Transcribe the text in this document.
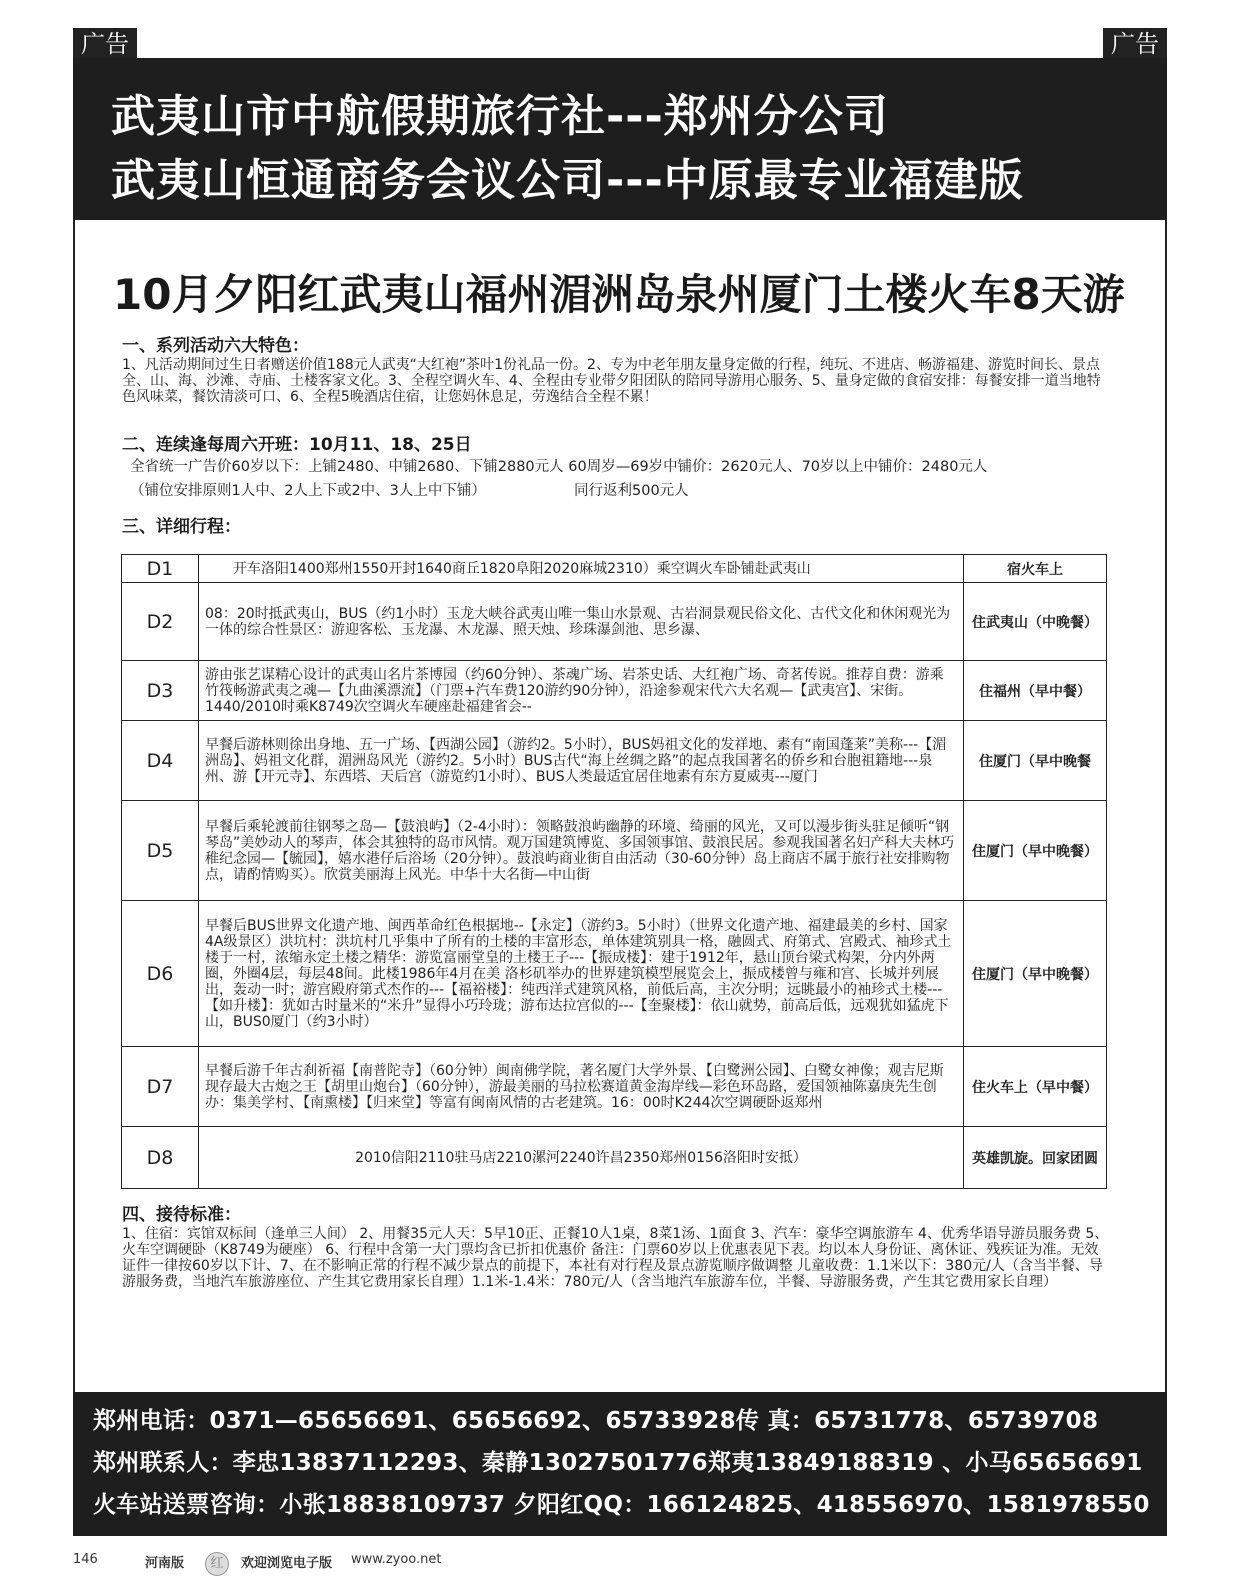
广告	广告
武夷山市中航假期旅行社---郑州分公司
武夷山恒通商务会议公司---中原最专业福建版
10月夕阳红武夷山福州湄洲岛泉州厦门土楼火车8天游
一、系列活动六大特色：
1、凡活动期间过生日者赠送价值188元人武夷“大红袍”茶叶1份礼品一份。2、专为中老年朋友量身定做的行程，纯玩、不进店、畅游福建、游览时间长、景点全、山、海、沙滩、寺庙、土楼客家文化。3、全程空调火车、4、全程由专业带夕阳团队的陪同导游用心服务、5、量身定做的食宿安排：每餐安排一道当地特色风味菜，餐饮清淡可口、6、全程5晚酒店住宿，让您妈休息足，劳逸结合全程不累！
二、连续逢每周六开班：10月11、18、25日
全省统一广告价60岁以下：上铺2480、中铺2680、下铺2880元人 60周岁—69岁中铺价：2620元人、70岁以上中铺价：2480元人
（铺位安排原则1人中、2人上下或2中、3人上中下铺）	同行返利500元人
三、详细行程：
D1	开车洛阳1400郑州1550开封1640商丘1820阜阳2020麻城2310）乘空调火车卧铺赴武夷山	宿火车上
D2	08：20时抵武夷山，BUS（约1小时）玉龙大峡谷武夷山唯一集山水景观、古岩洞景观民俗文化、古代文化和休闲观光为一体的综合性景区：游迎客松、玉龙瀑、木龙瀑、照天烛、珍珠瀑剑池、思乡瀑、	住武夷山（中晚餐）
D3	游由张艺谋精心设计的武夷山名片茶博园（约60分钟）、茶魂广场、岩茶史话、大红袍广场、奇茗传说。推荐自费：游乘竹筏畅游武夷之魂—【九曲溪漂流】（门票+汽车费120游约90分钟），沿途参观宋代六大名观—【武夷宫】、宋街。1440/2010时乘K8749次空调火车硬座赴福建省会--	住福州（早中餐）
D4	早餐后游林则徐出身地、五一广场、【西湖公园】（游约2。5小时），BUS妈祖文化的发祥地、素有“南国蓬莱”美称---【湄洲岛】、妈祖文化群，湄洲岛风光（游约2。5小时）BUS古代“海上丝绸之路”的起点我国著名的侨乡和台胞祖籍地---泉州、游【开元寺】、东西塔、天后宫（游览约1小时）、BUS人类最适宜居住地素有东方夏威夷---厦门	住厦门（早中晚餐
D5	早餐后乘轮渡前往钢琴之岛—【鼓浪屿】（2-4小时）：领略鼓浪屿幽静的环境、绮丽的风光，又可以漫步街头驻足倾听“钢琴岛”美妙动人的琴声，体会其独特的岛市风情。观万国建筑博览、多国领事馆、鼓浪民居。参观我国著名妇产科大夫林巧稚纪念园—【毓园】，嬉水港仔后浴场（20分钟）。鼓浪屿商业街自由活动（30-60分钟）岛上商店不属于旅行社安排购物点，请酌情购买）。欣赏美丽海上风光。中华十大名街—中山街	住厦门（早中晚餐）
D6	早餐后BUS世界文化遗产地、闽西革命红色根据地--【永定】（游约3。5小时）（世界文化遗产地、福建最美的乡村、国家4A级景区）洪坑村：洪坑村几乎集中了所有的土楼的丰富形态，单体建筑别具一格，融圆式、府第式、宫殿式、袖珍式土楼于一村，浓缩永定土楼之精华：游览富丽堂皇的土楼王子---【振成楼】：建于1912年，悬山顶台梁式构架，分内外两圈，外圈4层，每层48间。此楼1986年4月在美 洛杉矶举办的世界建筑模型展览会上，振成楼曾与雍和宫、长城并列展出，轰动一时；游宫殿府第式杰作的---【福裕楼】：纯西洋式建筑风格，前低后高，主次分明；远眺最小的袖珍式土楼---【如升楼】：犹如古时量米的“米升”显得小巧玲珑；游布达拉宫似的---【奎聚楼】：依山就势，前高后低，远观犹如猛虎下山，BUS0厦门（约3小时）	住厦门（早中晚餐）
D7	早餐后游千年古刹祈福【南普陀寺】（60分钟）闽南佛学院，著名厦门大学外景、【白鹭洲公园】、白鹭女神像；观吉尼斯现存最大古炮之王【胡里山炮台】（60分钟），游最美丽的马拉松赛道黄金海岸线—彩色环岛路，爱国领袖陈嘉庚先生创办：集美学村、【南熏楼】【归来堂】等富有闽南风情的古老建筑。16：00时K244次空调硬卧返郑州	住火车上（早中餐）
D8	2010信阳2110驻马店2210漯河2240许昌2350郑州0156洛阳时安抵）	英雄凯旋。回家团圆
四、接待标准：
1、住宿：宾馆双标间（逢单三人间） 2、用餐35元人天：5早10正、正餐10人1桌，8菜1汤、1面食 3、汽车：豪华空调旅游车 4、优秀华语导游员服务费 5、火车空调硬卧（K8749为硬座） 6、行程中含第一大门票均含已折扣优惠价 备注：门票60岁以上优惠表见下表。均以本人身份证、离休证、残疾证为准。无效证件一律按60岁以下计、7、在不影响正常的行程不减少景点的前提下，本社有对行程及景点游览顺序做调整 儿童收费：1.1米以下：380元/人（含当半餐、导游服务费，当地汽车旅游座位、产生其它费用家长自理）1.1米-1.4米：780元/人（含当地汽车旅游车位，半餐、导游服务费，产生其它费用家长自理）
郑州电话：0371—65656691、65656692、65733928传 真：65731778、65739708
郑州联系人：李忠13837112293、秦静13027501776郑夷13849188319 、小马65656691
火车站送票咨询：小张18838109737 夕阳红QQ：166124825、418556970、1581978550
146	河南版	红	欢迎浏览电子版 www.zyoo.net
